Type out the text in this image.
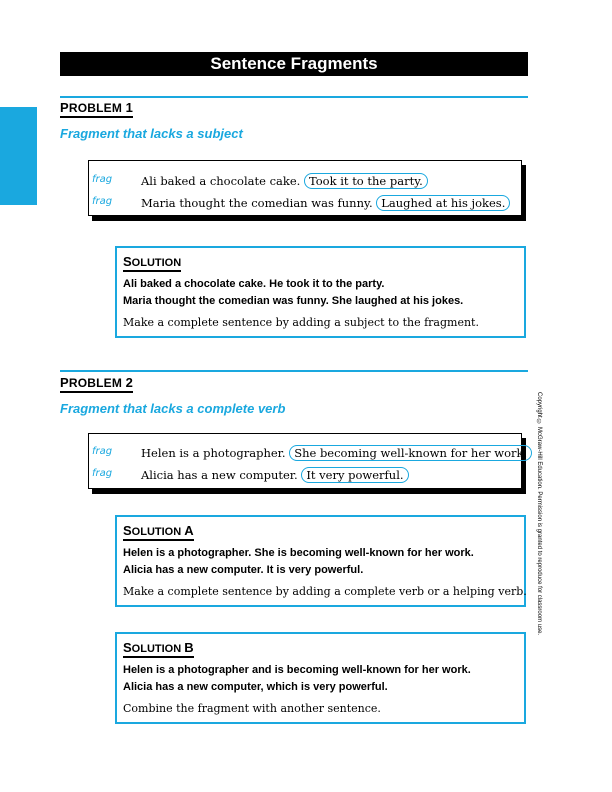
Sentence Fragments
PROBLEM 1
Fragment that lacks a subject
frag	Ali baked a chocolate cake. Took it to the party.
frag	Maria thought the comedian was funny. Laughed at his jokes.
SOLUTION
Ali baked a chocolate cake. He took it to the party.
Maria thought the comedian was funny. She laughed at his jokes.
Make a complete sentence by adding a subject to the fragment.
PROBLEM 2
Fragment that lacks a complete verb
frag	Helen is a photographer. She becoming well-known for her work.
frag	Alicia has a new computer. It very powerful.
SOLUTION A
Helen is a photographer. She is becoming well-known for her work.
Alicia has a new computer. It is very powerful.
Make a complete sentence by adding a complete verb or a helping verb.
SOLUTION B
Helen is a photographer and is becoming well-known for her work.
Alicia has a new computer, which is very powerful.
Combine the fragment with another sentence.
Copyright © McGraw-Hill Education. Permission is granted to reproduce for classroom use.
